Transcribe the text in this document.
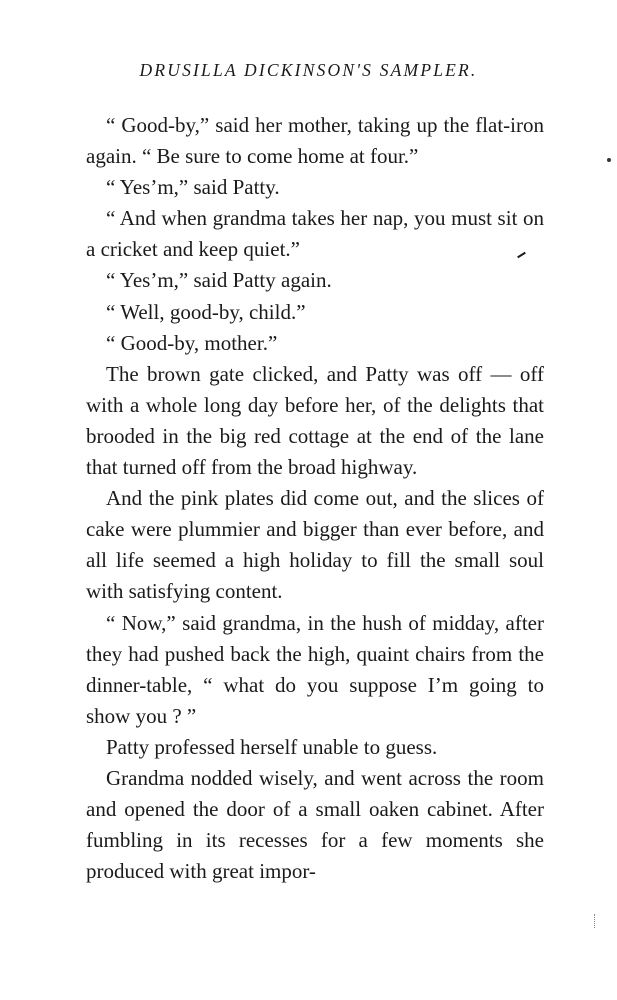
DRUSILLA DICKINSON'S SAMPLER.

“ Good-by,” said her mother, taking up the flat-iron again. “ Be sure to come home at four.”

“ Yes’m,” said Patty.

“ And when grandma takes her nap, you must sit on a cricket and keep quiet.”

“ Yes’m,” said Patty again.

“ Well, good-by, child.”

“ Good-by, mother.”

The brown gate clicked, and Patty was off — off with a whole long day before her, of the delights that brooded in the big red cottage at the end of the lane that turned off from the broad highway.

And the pink plates did come out, and the slices of cake were plummier and bigger than ever before, and all life seemed a high holiday to fill the small soul with satisfying content.

“ Now,” said grandma, in the hush of midday, after they had pushed back the high, quaint chairs from the dinner-table, “ what do you suppose I’m going to show you ? ”

Patty professed herself unable to guess.

Grandma nodded wisely, and went across the room and opened the door of a small oaken cabinet. After fumbling in its recesses for a few moments she produced with great impor-
